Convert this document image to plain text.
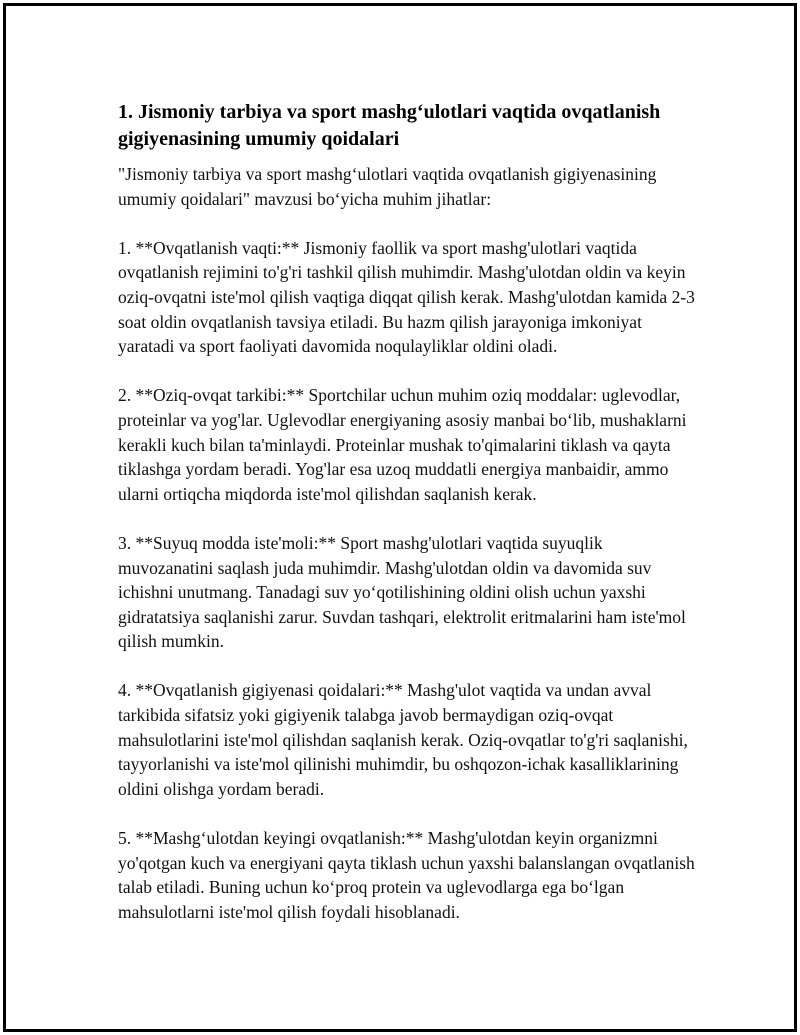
1. Jismoniy tarbiya va sport mashg‘ulotlari vaqtida ovqatlanish gigiyenasining umumiy qoidalari

"Jismoniy tarbiya va sport mashg‘ulotlari vaqtida ovqatlanish gigiyenasining umumiy qoidalari" mavzusi bo‘yicha muhim jihatlar:

1. **Ovqatlanish vaqti:** Jismoniy faollik va sport mashg'ulotlari vaqtida ovqatlanish rejimini to'g'ri tashkil qilish muhimdir. Mashg'ulotdan oldin va keyin oziq-ovqatni iste'mol qilish vaqtiga diqqat qilish kerak. Mashg'ulotdan kamida 2-3 soat oldin ovqatlanish tavsiya etiladi. Bu hazm qilish jarayoniga imkoniyat yaratadi va sport faoliyati davomida noqulayliklar oldini oladi.

2. **Oziq-ovqat tarkibi:** Sportchilar uchun muhim oziq moddalar: uglevodlar, proteinlar va yog'lar. Uglevodlar energiyaning asosiy manbai bo‘lib, mushaklarni kerakli kuch bilan ta'minlaydi. Proteinlar mushak to'qimalarini tiklash va qayta tiklashga yordam beradi. Yog'lar esa uzoq muddatli energiya manbaidir, ammo ularni ortiqcha miqdorda iste'mol qilishdan saqlanish kerak.

3. **Suyuq modda iste'moli:** Sport mashg'ulotlari vaqtida suyuqlik muvozanatini saqlash juda muhimdir. Mashg'ulotdan oldin va davomida suv ichishni unutmang. Tanadagi suv yo‘qotilishining oldini olish uchun yaxshi gidratatsiya saqlanishi zarur. Suvdan tashqari, elektrolit eritmalarini ham iste'mol qilish mumkin.

4. **Ovqatlanish gigiyenasi qoidalari:** Mashg'ulot vaqtida va undan avval tarkibida sifatsiz yoki gigiyenik talabga javob bermaydigan oziq-ovqat mahsulotlarini iste'mol qilishdan saqlanish kerak. Oziq-ovqatlar to'g'ri saqlanishi, tayyorlanishi va iste'mol qilinishi muhimdir, bu oshqozon-ichak kasalliklarining oldini olishga yordam beradi.

5. **Mashg‘ulotdan keyingi ovqatlanish:** Mashg'ulotdan keyin organizmni yo'qotgan kuch va energiyani qayta tiklash uchun yaxshi balanslangan ovqatlanish talab etiladi. Buning uchun ko‘proq protein va uglevodlarga ega bo‘lgan mahsulotlarni iste'mol qilish foydali hisoblanadi.
